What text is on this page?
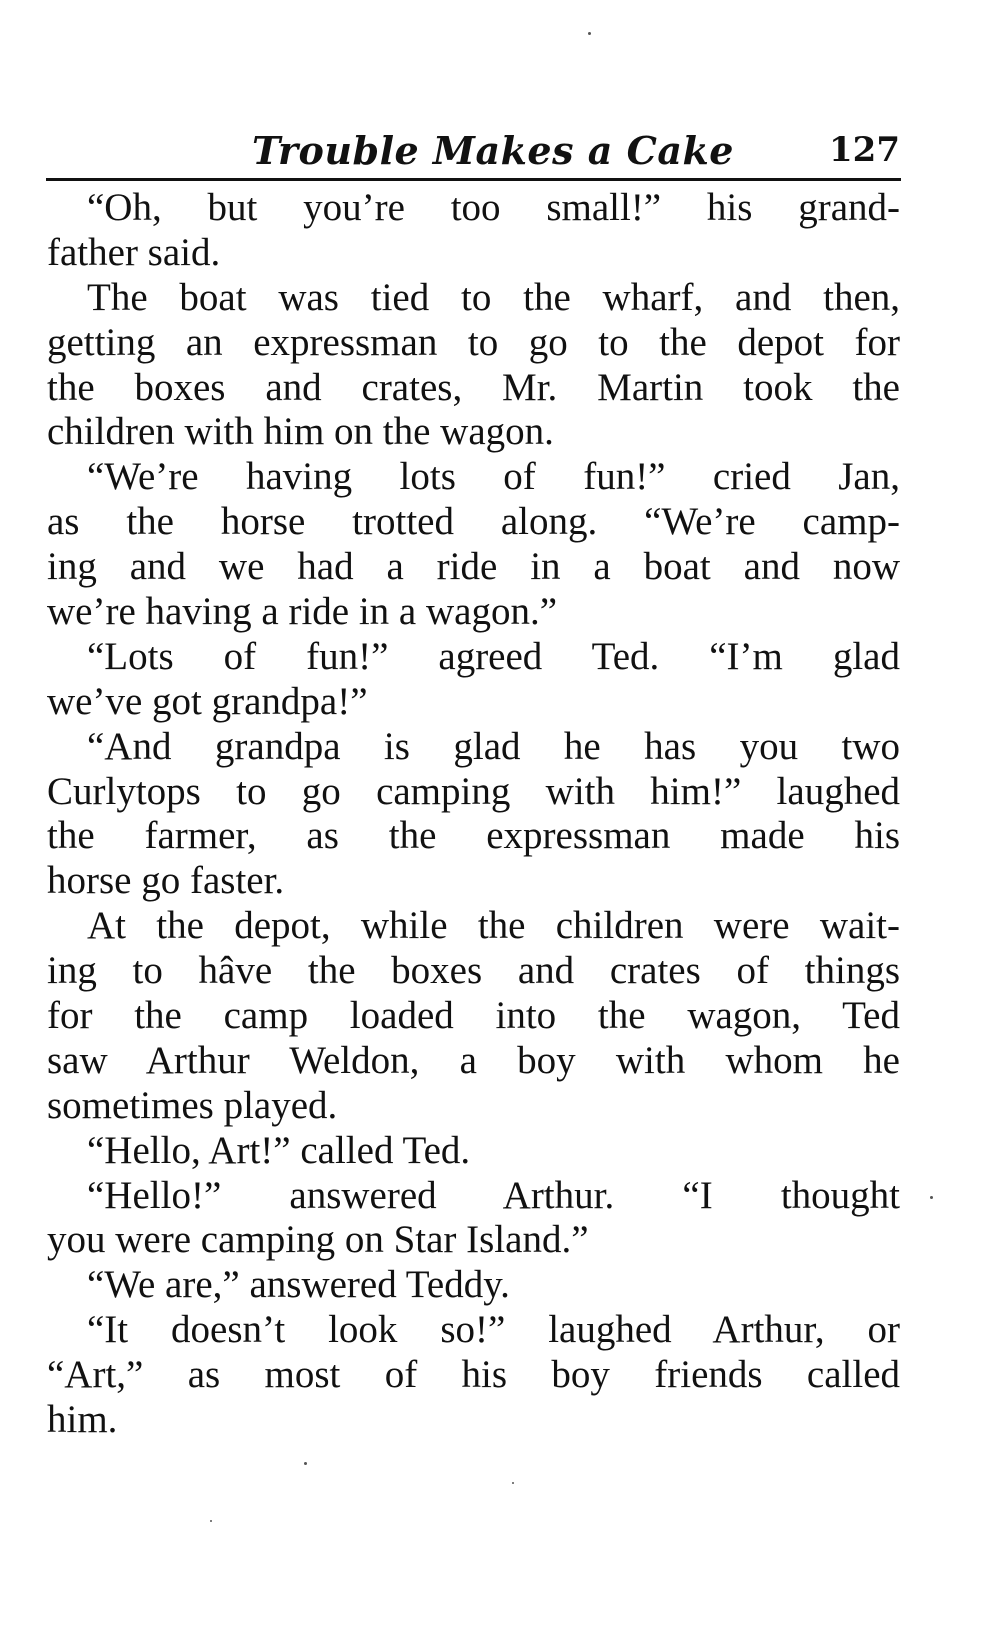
Trouble Makes a Cake	127
“Oh, but you’re too small!” his grand-
father said.
The boat was tied to the wharf, and then,
getting an expressman to go to the depot for
the boxes and crates, Mr. Martin took the
children with him on the wagon.
“We’re having lots of fun!” cried Jan,
as the horse trotted along. “We’re camp-
ing and we had a ride in a boat and now
we’re having a ride in a wagon.”
“Lots of fun!” agreed Ted. “I’m glad
we’ve got grandpa!”
“And grandpa is glad he has you two
Curlytops to go camping with him!” laughed
the farmer, as the expressman made his
horse go faster.
At the depot, while the children were wait-
ing to hâve the boxes and crates of things
for the camp loaded into the wagon, Ted
saw Arthur Weldon, a boy with whom he
sometimes played.
“Hello, Art!” called Ted.
“Hello!” answered Arthur. “I thought
you were camping on Star Island.”
“We are,” answered Teddy.
“It doesn’t look so!” laughed Arthur, or
“Art,” as most of his boy friends called
him.
